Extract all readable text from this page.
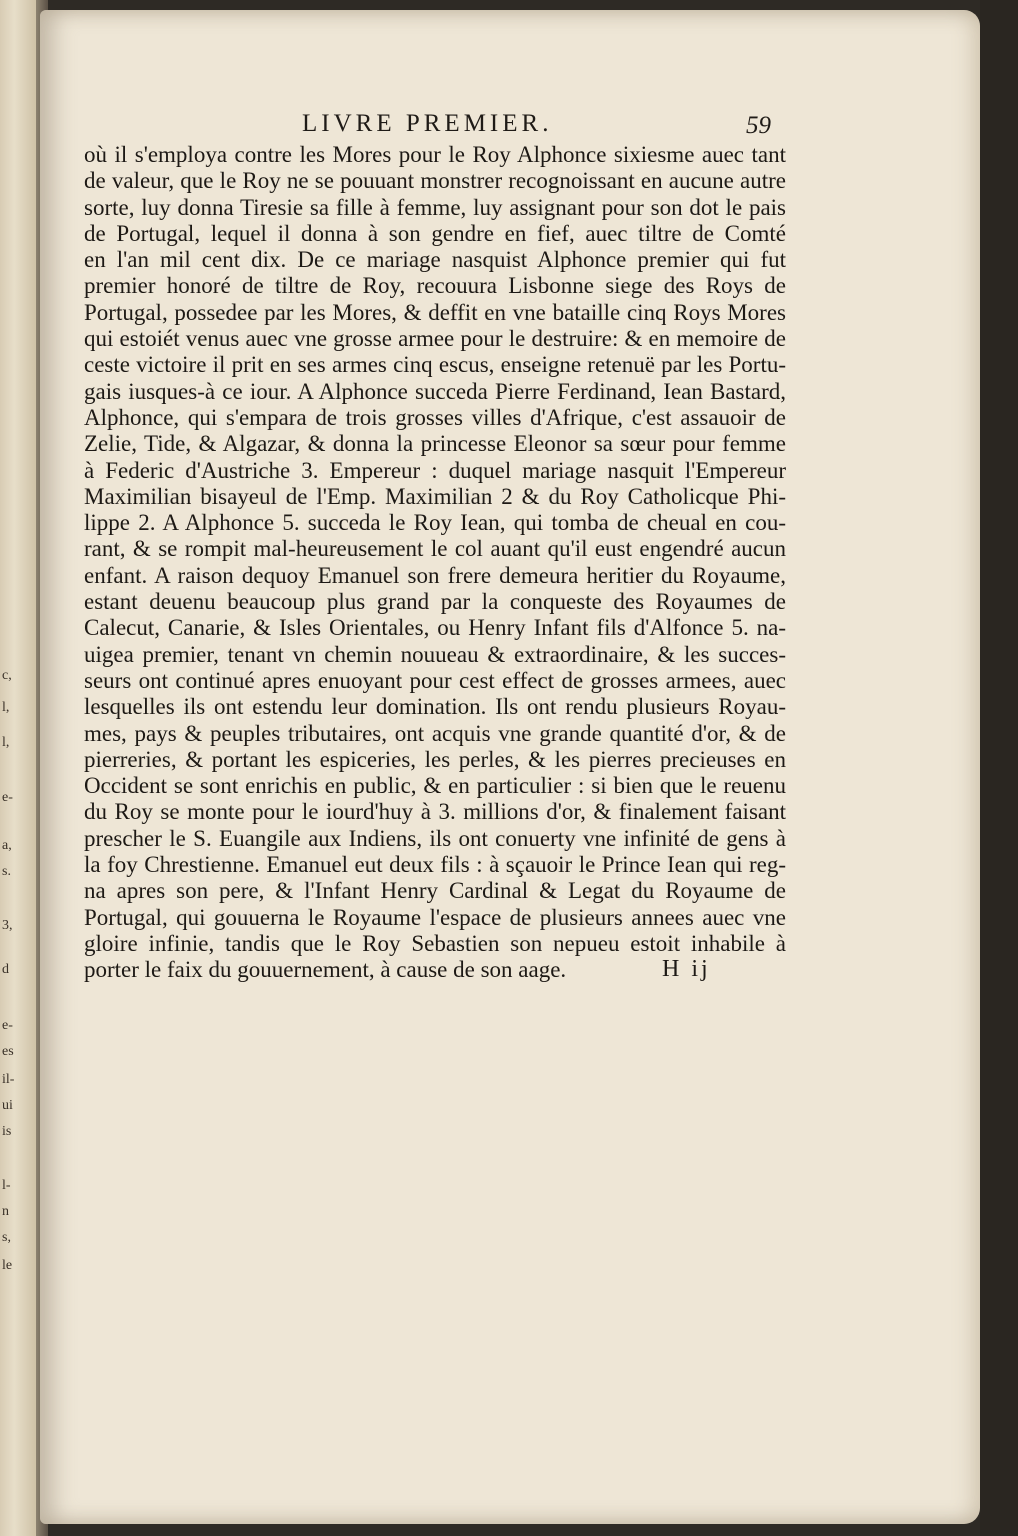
c,
l,
l,
e-
a,
s.
3,
d
e-
es
il-
ui
is
l-
n
s,
le
LIVRE PREMIER.	59
où il s'employa contre les Mores pour le Roy Alphonce sixiesme auec tant
de valeur, que le Roy ne se pouuant monstrer recognoissant en aucune autre
sorte, luy donna Tiresie sa fille à femme, luy assignant pour son dot le pais
de Portugal, lequel il donna à son gendre en fief, auec tiltre de Comté
en l'an mil cent dix. De ce mariage nasquist Alphonce premier qui fut
premier honoré de tiltre de Roy, recouura Lisbonne siege des Roys de
Portugal, possedee par les Mores, & deffit en vne bataille cinq Roys Mores
qui estoiét venus auec vne grosse armee pour le destruire: & en memoire de
ceste victoire il prit en ses armes cinq escus, enseigne retenuë par les Portu-
gais iusques-à ce iour. A Alphonce succeda Pierre Ferdinand, Iean Bastard,
Alphonce, qui s'empara de trois grosses villes d'Afrique, c'est assauoir de
Zelie, Tide, & Algazar, & donna la princesse Eleonor sa sœur pour femme
à Federic d'Austriche 3. Empereur : duquel mariage nasquit l'Empereur
Maximilian bisayeul de l'Emp. Maximilian 2 & du Roy Catholicque Phi-
lippe 2. A Alphonce 5. succeda le Roy Iean, qui tomba de cheual en cou-
rant, & se rompit mal-heureusement le col auant qu'il eust engendré aucun
enfant. A raison dequoy Emanuel son frere demeura heritier du Royaume,
estant deuenu beaucoup plus grand par la conqueste des Royaumes de
Calecut, Canarie, & Isles Orientales, ou Henry Infant fils d'Alfonce 5. na-
uigea premier, tenant vn chemin nouueau & extraordinaire, & les succes-
seurs ont continué apres enuoyant pour cest effect de grosses armees, auec
lesquelles ils ont estendu leur domination. Ils ont rendu plusieurs Royau-
mes, pays & peuples tributaires, ont acquis vne grande quantité d'or, & de
pierreries, & portant les espiceries, les perles, & les pierres precieuses en
Occident se sont enrichis en public, & en particulier : si bien que le reuenu
du Roy se monte pour le iourd'huy à 3. millions d'or, & finalement faisant
prescher le S. Euangile aux Indiens, ils ont conuerty vne infinité de gens à
la foy Chrestienne. Emanuel eut deux fils : à sçauoir le Prince Iean qui reg-
na apres son pere, & l'Infant Henry Cardinal & Legat du Royaume de
Portugal, qui gouuerna le Royaume l'espace de plusieurs annees auec vne
gloire infinie, tandis que le Roy Sebastien son nepueu estoit inhabile à
porter le faix du gouuernement, à cause de son aage.	H ij
